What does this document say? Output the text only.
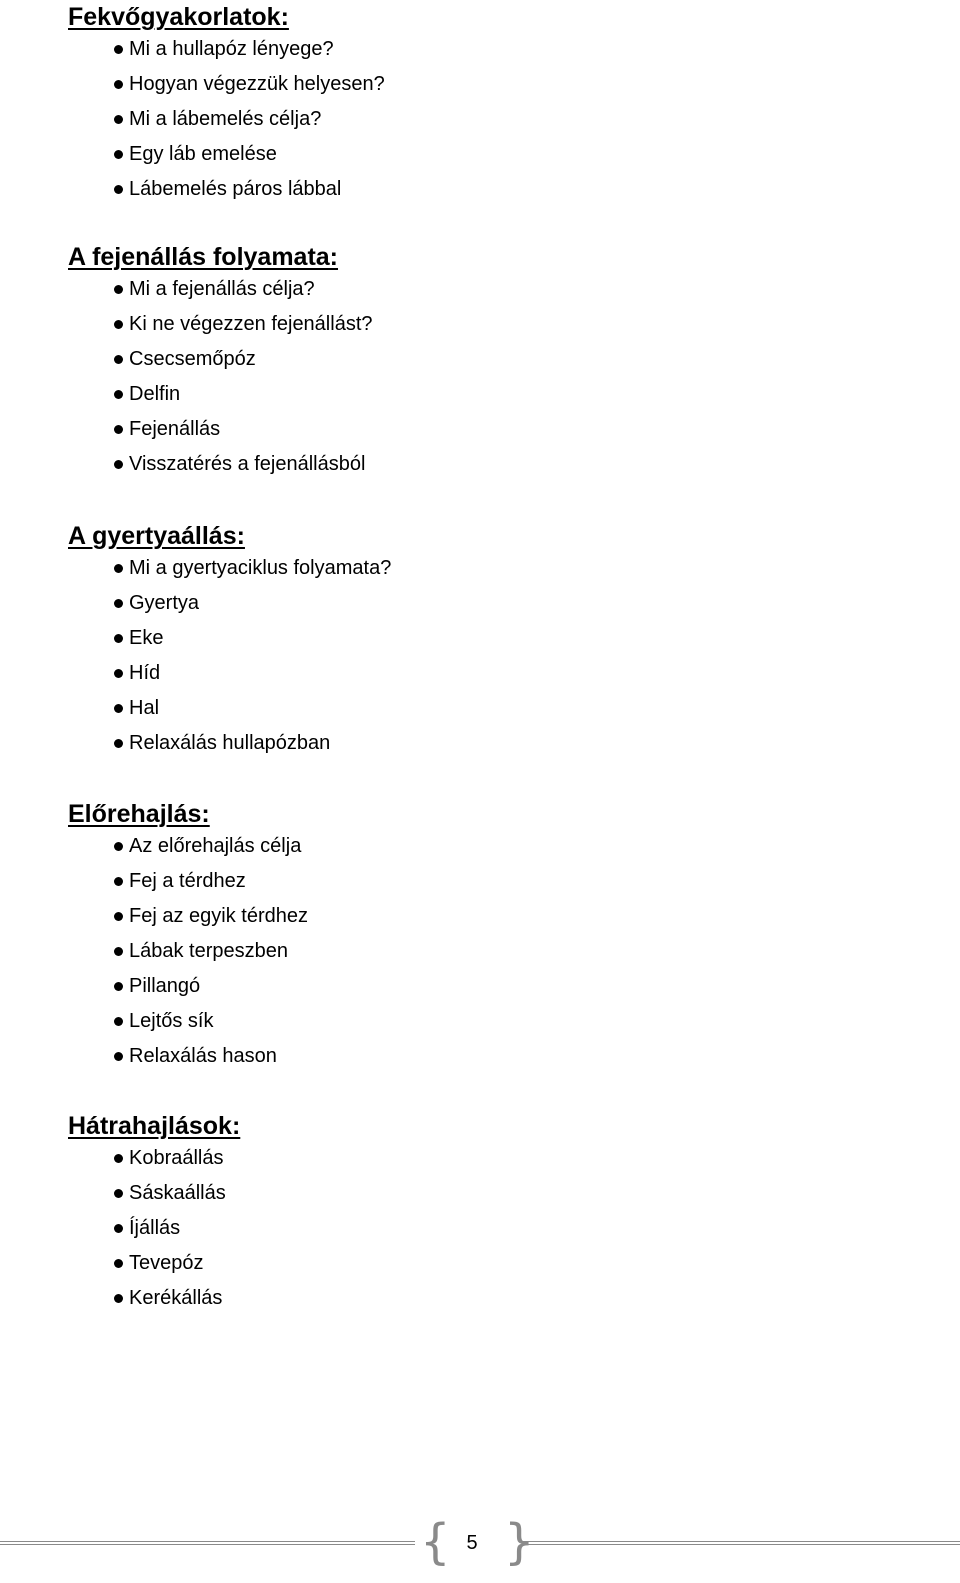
Fekvőgyakorlatok:
Mi a hullapóz lényege?
Hogyan végezzük helyesen?
Mi a lábemelés célja?
Egy láb emelése
Lábemelés páros lábbal
A fejenállás folyamata:
Mi a fejenállás célja?
Ki ne végezzen fejenállást?
Csecsemőpóz
Delfin
Fejenállás
Visszatérés a fejenállásból
A gyertyaállás:
Mi a gyertyaciklus folyamata?
Gyertya
Eke
Híd
Hal
Relaxálás hullapózban
Előrehajlás:
Az előrehajlás célja
Fej a térdhez
Fej az egyik térdhez
Lábak terpeszben
Pillangó
Lejtős sík
Relaxálás hason
Hátrahajlások:
Kobraállás
Sáskaállás
Íjállás
Tevepóz
Kerékállás
{ 5 }
